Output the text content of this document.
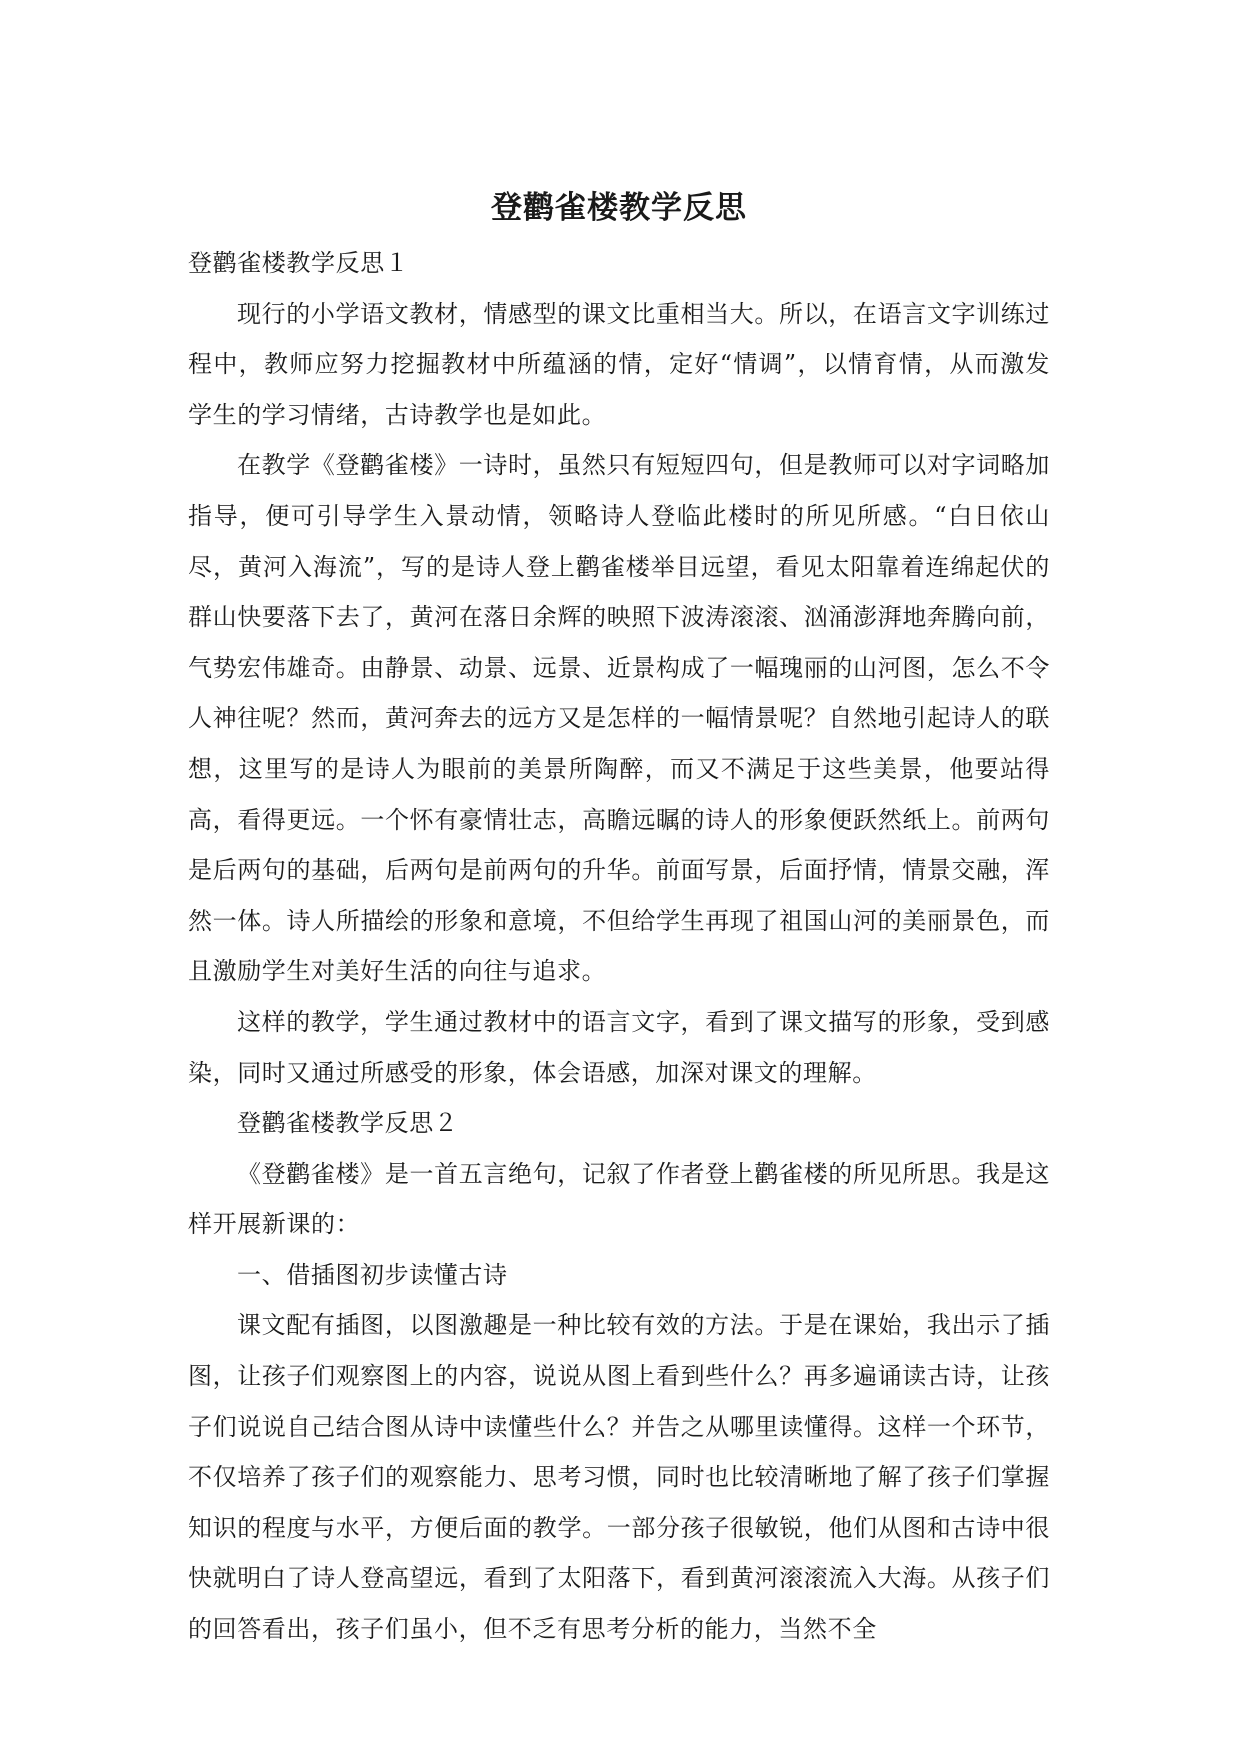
登鹳雀楼教学反思

登鹳雀楼教学反思１

现行的小学语文教材，情感型的课文比重相当大。所以，在语言文字训练过程中，教师应努力挖掘教材中所蕴涵的情，定好“情调”，以情育情，从而激发学生的学习情绪，古诗教学也是如此。

在教学《登鹳雀楼》一诗时，虽然只有短短四句，但是教师可以对字词略加指导，便可引导学生入景动情，领略诗人登临此楼时的所见所感。“白日依山尽，黄河入海流”，写的是诗人登上鹳雀楼举目远望，看见太阳靠着连绵起伏的群山快要落下去了，黄河在落日余辉的映照下波涛滚滚、汹涌澎湃地奔腾向前，气势宏伟雄奇。由静景、动景、远景、近景构成了一幅瑰丽的山河图，怎么不令人神往呢？然而，黄河奔去的远方又是怎样的一幅情景呢？自然地引起诗人的联想，这里写的是诗人为眼前的美景所陶醉，而又不满足于这些美景，他要站得高，看得更远。一个怀有豪情壮志，高瞻远瞩的诗人的形象便跃然纸上。前两句是后两句的基础，后两句是前两句的升华。前面写景，后面抒情，情景交融，浑然一体。诗人所描绘的形象和意境，不但给学生再现了祖国山河的美丽景色，而且激励学生对美好生活的向往与追求。

这样的教学，学生通过教材中的语言文字，看到了课文描写的形象，受到感染，同时又通过所感受的形象，体会语感，加深对课文的理解。

登鹳雀楼教学反思２

《登鹳雀楼》是一首五言绝句，记叙了作者登上鹳雀楼的所见所思。我是这样开展新课的：

一、借插图初步读懂古诗

课文配有插图，以图激趣是一种比较有效的方法。于是在课始，我出示了插图，让孩子们观察图上的内容，说说从图上看到些什么？再多遍诵读古诗，让孩子们说说自己结合图从诗中读懂些什么？并告之从哪里读懂得。这样一个环节，不仅培养了孩子们的观察能力、思考习惯，同时也比较清晰地了解了孩子们掌握知识的程度与水平，方便后面的教学。一部分孩子很敏锐，他们从图和古诗中很快就明白了诗人登高望远，看到了太阳落下，看到黄河滚滚流入大海。从孩子们的回答看出，孩子们虽小，但不乏有思考分析的能力，当然不全
